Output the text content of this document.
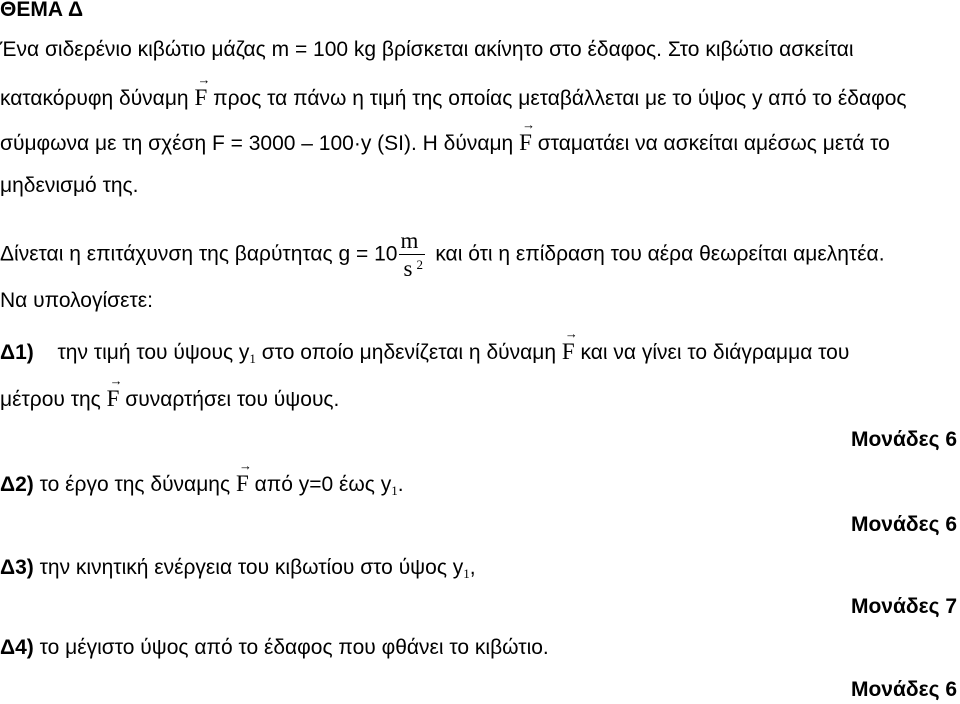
ΘΕΜΑ Δ
Ένα σιδερένιο κιβώτιο μάζας m = 100 kg βρίσκεται ακίνητο στο έδαφος. Στο κιβώτιο ασκείται
κατακόρυφη δύναμη F
→
προς τα πάνω η τιμή της οποίας μεταβάλλεται με το ύψος y από το έδαφος
σύμφωνα με τη σχέση F = 3000 – 100·y (SI). Η δύναμη F
→
σταματάει να ασκείται αμέσως μετά το
μηδενισμό της.
Δίνεται η επιτάχυνση της βαρύτητας g = 10
m
s 2 και ότι η επίδραση του αέρα θεωρείται αμελητέα.
Να υπολογίσετε:
Δ1) την τιμή του ύψους y1 στο οποίο μηδενίζεται η δύναμη F
→
και να γίνει το διάγραμμα του
μέτρου της F
→
συναρτήσει του ύψους.
Μονάδες 6
Δ2) το έργο της δύναμης F
→
από y=0 έως y1.
Μονάδες 6
Δ3) την κινητική ενέργεια του κιβωτίου στο ύψος y1,
Μονάδες 7
Δ4) το μέγιστο ύψος από το έδαφος που φθάνει το κιβώτιο.
Μονάδες 6
